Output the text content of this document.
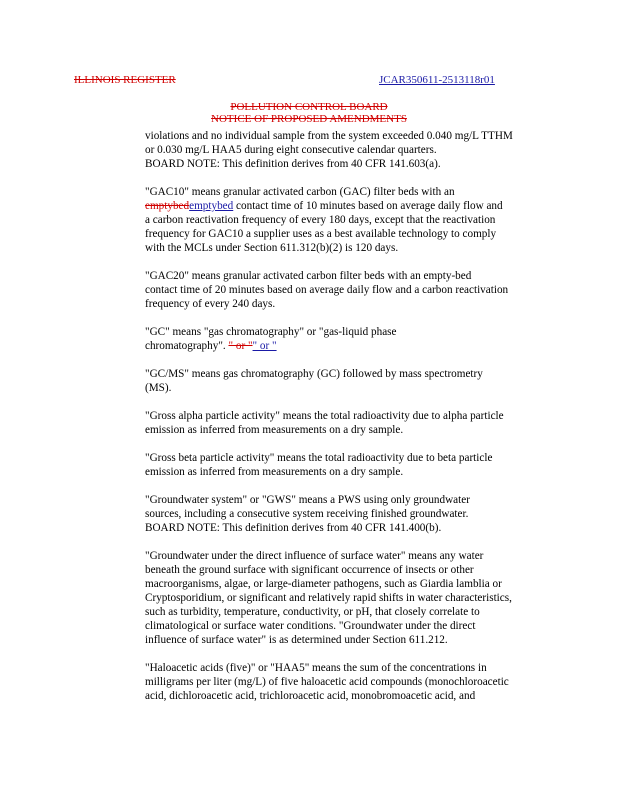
ILLINOIS REGISTER	JCAR350611-2513118r01
POLLUTION CONTROL BOARD
NOTICE OF PROPOSED AMENDMENTS

violations and no individual sample from the system exceeded 0.040 mg/L TTHM
or 0.030 mg/L HAA5 during eight consecutive calendar quarters.
BOARD NOTE: This definition derives from 40 CFR 141.603(a).

"GAC10" means granular activated carbon (GAC) filter beds with an
emptybedemptybed contact time of 10 minutes based on average daily flow and
a carbon reactivation frequency of every 180 days, except that the reactivation
frequency for GAC10 a supplier uses as a best available technology to comply
with the MCLs under Section 611.312(b)(2) is 120 days.

"GAC20" means granular activated carbon filter beds with an empty-bed
contact time of 20 minutes based on average daily flow and a carbon reactivation
frequency of every 240 days.

"GC" means "gas chromatography" or "gas-liquid phase
chromatography". " or "" or "

"GC/MS" means gas chromatography (GC) followed by mass spectrometry
(MS).

"Gross alpha particle activity" means the total radioactivity due to alpha particle
emission as inferred from measurements on a dry sample.

"Gross beta particle activity" means the total radioactivity due to beta particle
emission as inferred from measurements on a dry sample.

"Groundwater system" or "GWS" means a PWS using only groundwater
sources, including a consecutive system receiving finished groundwater.
BOARD NOTE: This definition derives from 40 CFR 141.400(b).

"Groundwater under the direct influence of surface water" means any water
beneath the ground surface with significant occurrence of insects or other
macroorganisms, algae, or large-diameter pathogens, such as Giardia lamblia or
Cryptosporidium, or significant and relatively rapid shifts in water characteristics,
such as turbidity, temperature, conductivity, or pH, that closely correlate to
climatological or surface water conditions. "Groundwater under the direct
influence of surface water" is as determined under Section 611.212.

"Haloacetic acids (five)" or "HAA5" means the sum of the concentrations in
milligrams per liter (mg/L) of five haloacetic acid compounds (monochloroacetic
acid, dichloroacetic acid, trichloroacetic acid, monobromoacetic acid, and
